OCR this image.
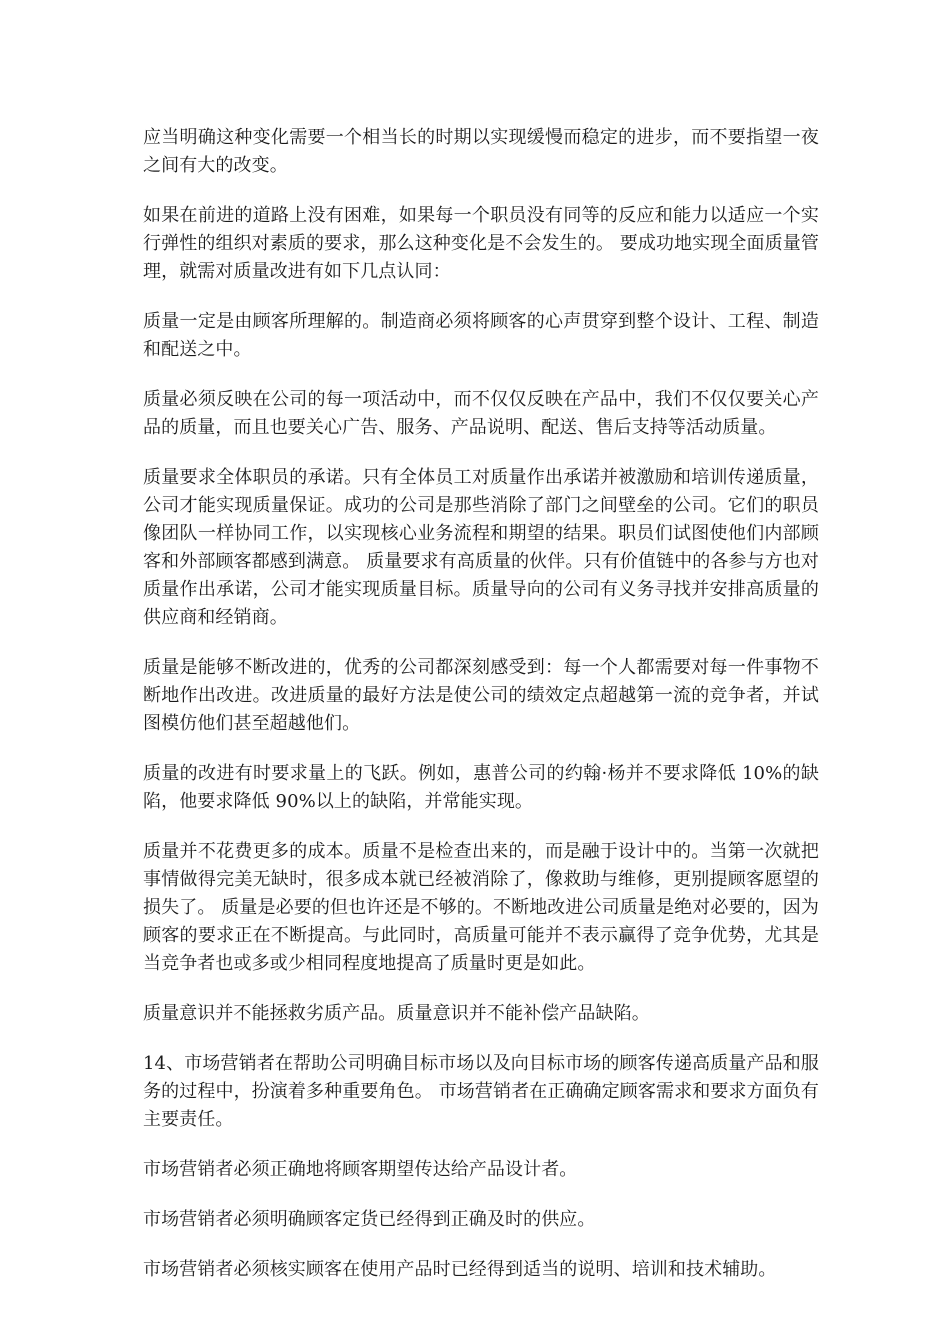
应当明确这种变化需要一个相当长的时期以实现缓慢而稳定的进步，而不要指望一夜之间有大的改变。

如果在前进的道路上没有困难，如果每一个职员没有同等的反应和能力以适应一个实行弹性的组织对素质的要求，那么这种变化是不会发生的。 要成功地实现全面质量管理，就需对质量改进有如下几点认同：

质量一定是由顾客所理解的。制造商必须将顾客的心声贯穿到整个设计、工程、制造和配送之中。

质量必须反映在公司的每一项活动中，而不仅仅反映在产品中，我们不仅仅要关心产品的质量，而且也要关心广告、服务、产品说明、配送、售后支持等活动质量。

质量要求全体职员的承诺。只有全体员工对质量作出承诺并被激励和培训传递质量，公司才能实现质量保证。成功的公司是那些消除了部门之间壁垒的公司。它们的职员像团队一样协同工作，以实现核心业务流程和期望的结果。职员们试图使他们内部顾客和外部顾客都感到满意。 质量要求有高质量的伙伴。只有价值链中的各参与方也对质量作出承诺，公司才能实现质量目标。质量导向的公司有义务寻找并安排高质量的供应商和经销商。

质量是能够不断改进的，优秀的公司都深刻感受到：每一个人都需要对每一件事物不断地作出改进。改进质量的最好方法是使公司的绩效定点超越第一流的竞争者，并试图模仿他们甚至超越他们。

质量的改进有时要求量上的飞跃。例如，惠普公司的约翰·杨并不要求降低 10%的缺陷，他要求降低 90%以上的缺陷，并常能实现。

质量并不花费更多的成本。质量不是检查出来的，而是融于设计中的。当第一次就把事情做得完美无缺时，很多成本就已经被消除了，像救助与维修，更别提顾客愿望的损失了。 质量是必要的但也许还是不够的。不断地改进公司质量是绝对必要的，因为顾客的要求正在不断提高。与此同时，高质量可能并不表示赢得了竞争优势，尤其是当竞争者也或多或少相同程度地提高了质量时更是如此。

质量意识并不能拯救劣质产品。质量意识并不能补偿产品缺陷。

14、市场营销者在帮助公司明确目标市场以及向目标市场的顾客传递高质量产品和服务的过程中，扮演着多种重要角色。 市场营销者在正确确定顾客需求和要求方面负有主要责任。

市场营销者必须正确地将顾客期望传达给产品设计者。

市场营销者必须明确顾客定货已经得到正确及时的供应。

市场营销者必须核实顾客在使用产品时已经得到适当的说明、培训和技术辅助。
